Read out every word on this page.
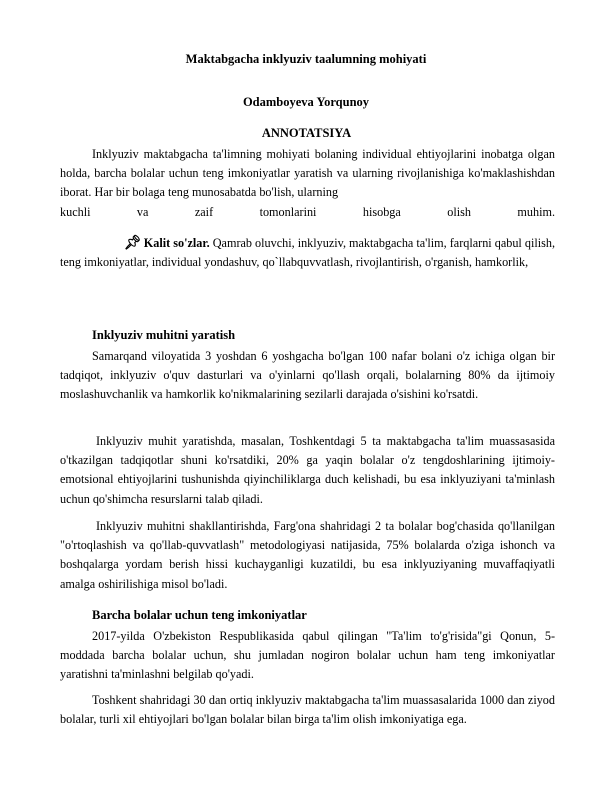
Maktabgacha inklyuziv taalumning mohiyati
Odamboyeva Yorqunoy
ANNOTATSIYA

Inklyuziv maktabgacha ta'limning mohiyati bolaning individual ehtiyojlarini inobatga olgan holda, barcha bolalar uchun teng imkoniyatlar yaratish va ularning rivojlanishiga ko'maklashishdan iborat. Har bir bolaga teng munosabatda bo'lish, ularning

kuchli va zaif tomonlarini hisobga olish muhim.

📌︎ Kalit so'zlar. Qamrab oluvchi, inklyuziv, maktabgacha ta'lim, farqlarni qabul qilish, teng imkoniyatlar, individual yondashuv, qo`llabquvvatlash, rivojlantirish, o'rganish, hamkorlik,

Inklyuziv muhitni yaratish

Samarqand viloyatida 3 yoshdan 6 yoshgacha bo'lgan 100 nafar bolani o'z ichiga olgan bir tadqiqot, inklyuziv o'quv dasturlari va o'yinlarni qo'llash orqali, bolalarning 80% da ijtimoiy moslashuvchanlik va hamkorlik ko'nikmalarining sezilarli darajada o'sishini ko'rsatdi.

Inklyuziv muhit yaratishda, masalan, Toshkentdagi 5 ta maktabgacha ta'lim muassasasida o'tkazilgan tadqiqotlar shuni ko'rsatdiki, 20% ga yaqin bolalar o'z tengdoshlarining ijtimoiy-emotsional ehtiyojlarini tushunishda qiyinchiliklarga duch kelishadi, bu esa inklyuziyani ta'minlash uchun qo'shimcha resurslarni talab qiladi.

Inklyuziv muhitni shakllantirishda, Farg'ona shahridagi 2 ta bolalar bog'chasida qo'llanilgan "o'rtoqlashish va qo'llab-quvvatlash" metodologiyasi natijasida, 75% bolalarda o'ziga ishonch va boshqalarga yordam berish hissi kuchayganligi kuzatildi, bu esa inklyuziyaning muvaffaqiyatli amalga oshirilishiga misol bo'ladi.

Barcha bolalar uchun teng imkoniyatlar

2017-yilda O'zbekiston Respublikasida qabul qilingan "Ta'lim to'g'risida"gi Qonun, 5-moddada barcha bolalar uchun, shu jumladan nogiron bolalar uchun ham teng imkoniyatlar yaratishni ta'minlashni belgilab qo'yadi.

Toshkent shahridagi 30 dan ortiq inklyuziv maktabgacha ta'lim muassasalarida 1000 dan ziyod bolalar, turli xil ehtiyojlari bo'lgan bolalar bilan birga ta'lim olish imkoniyatiga ega.
